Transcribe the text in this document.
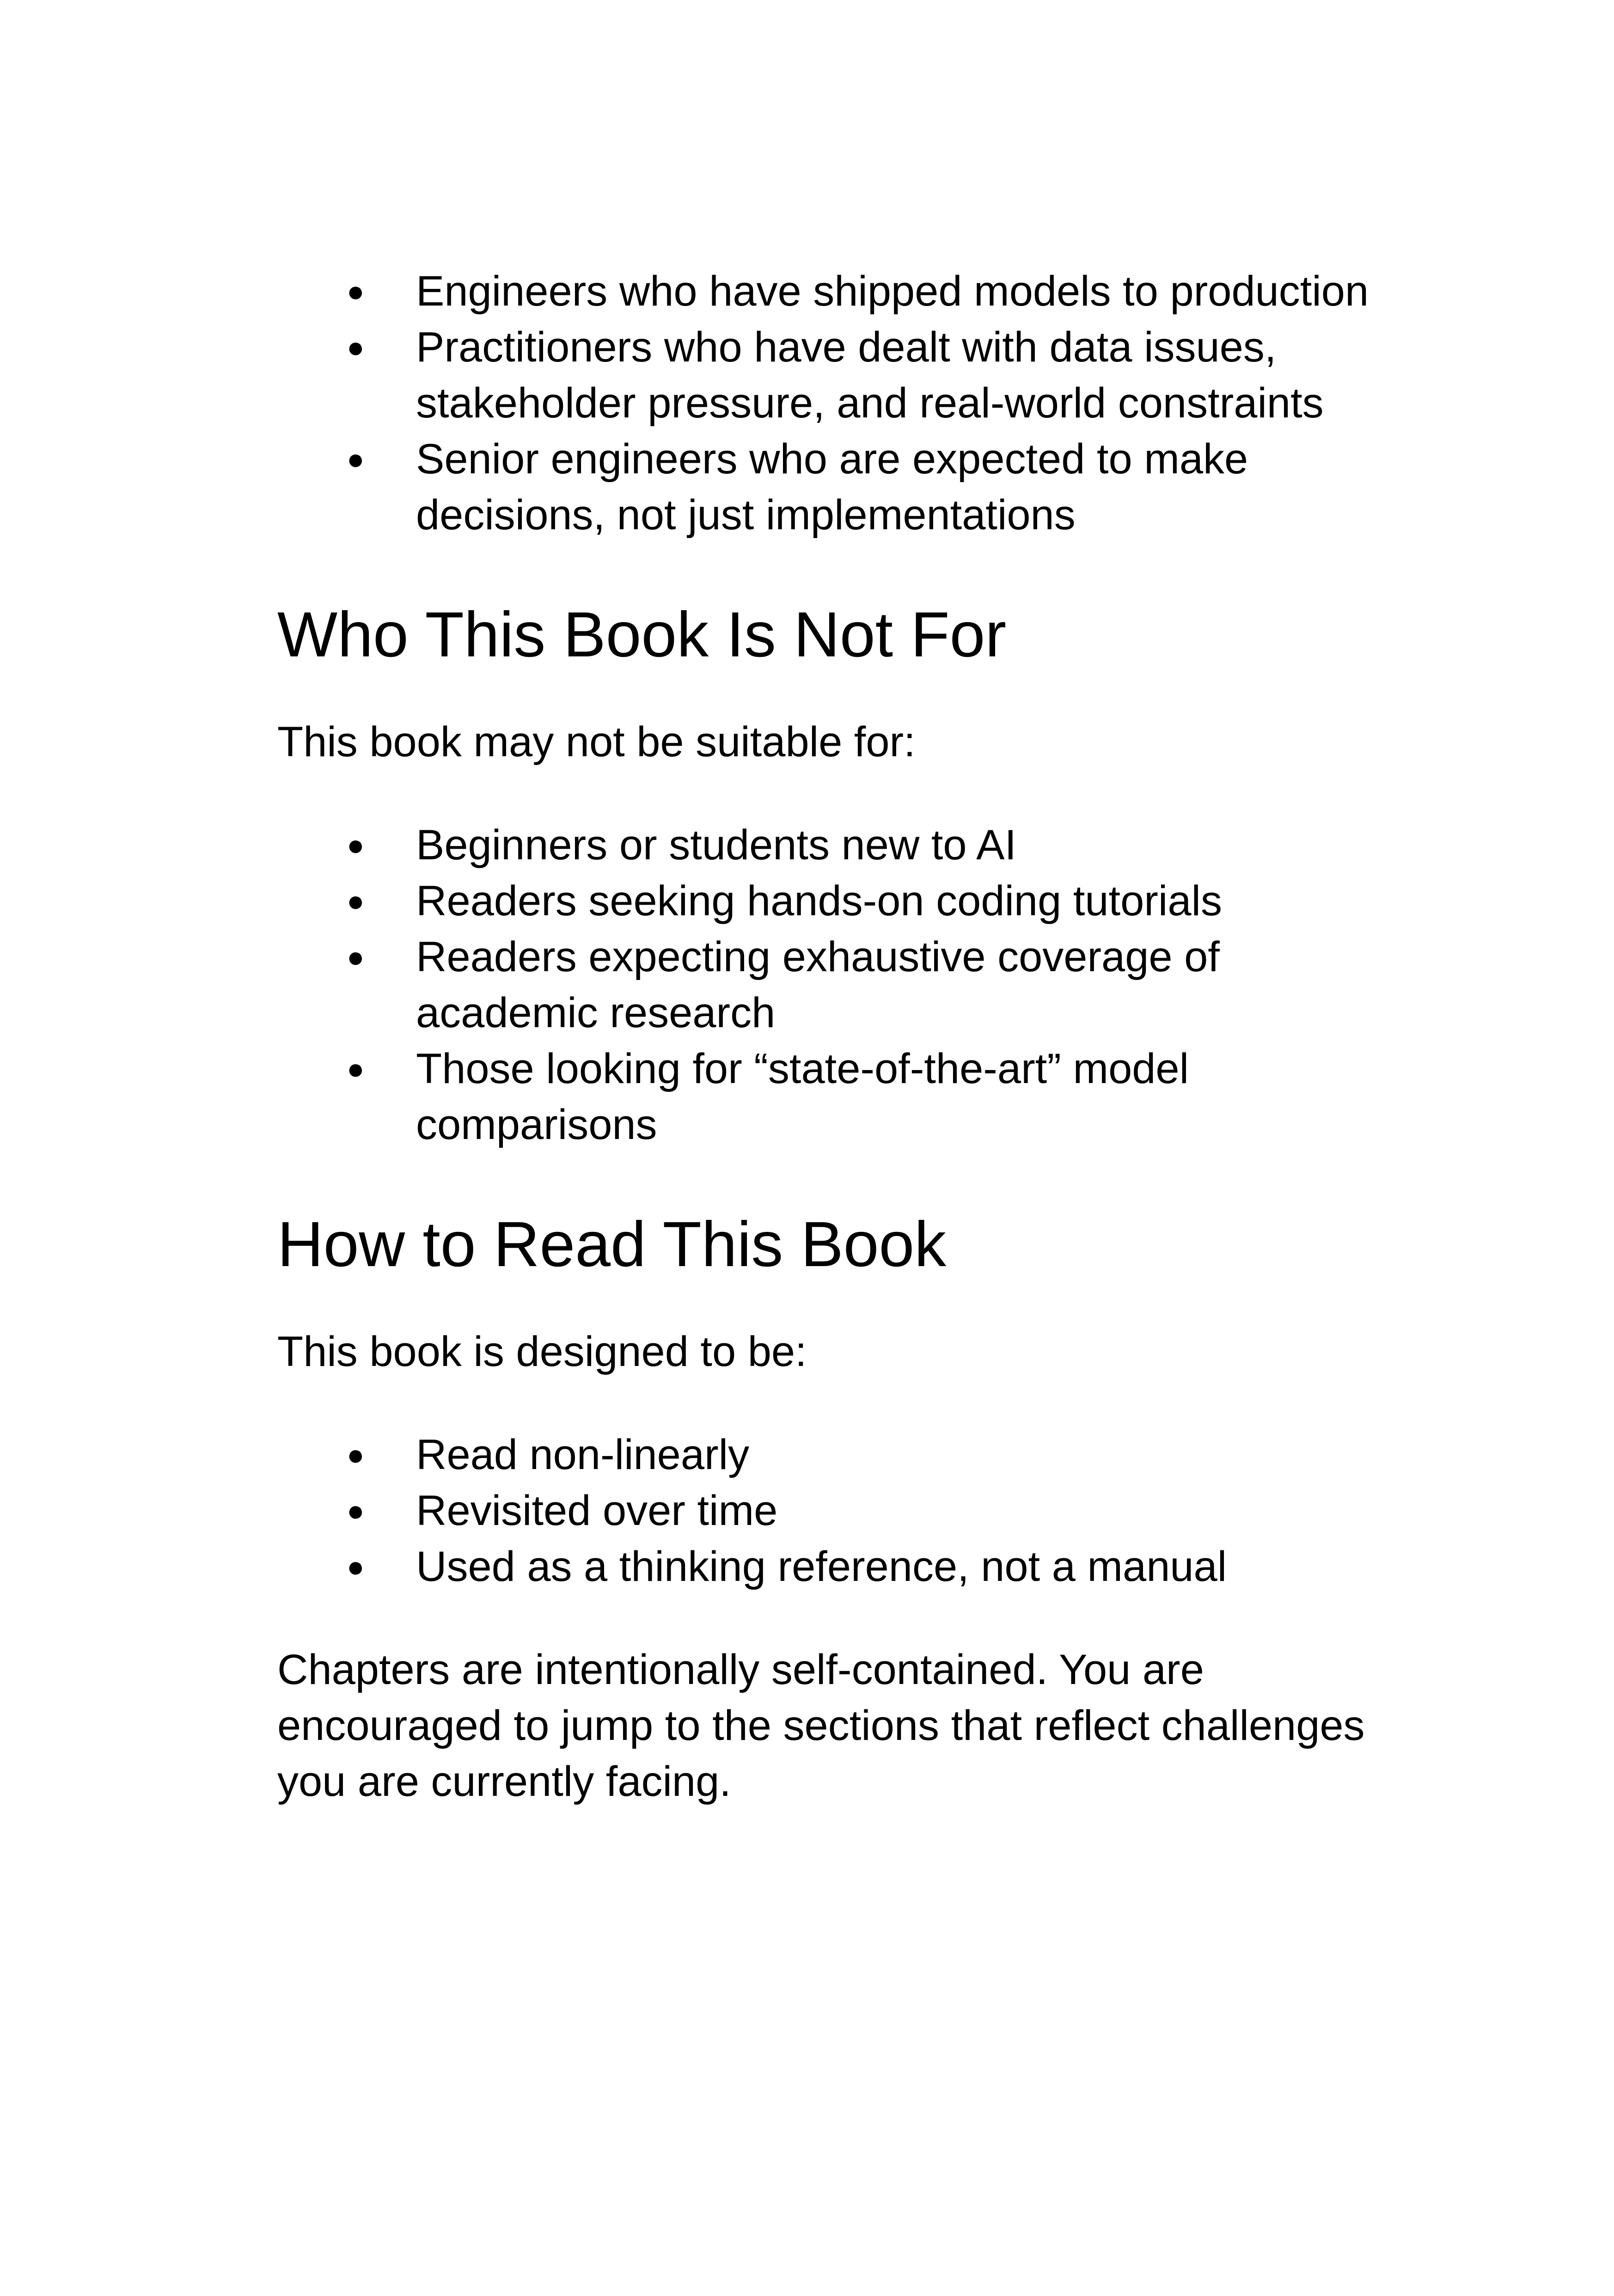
● Engineers who have shipped models to production
● Practitioners who have dealt with data issues, stakeholder pressure, and real-world constraints
● Senior engineers who are expected to make decisions, not just implementations
Who This Book Is Not For

This book may not be suitable for:

● Beginners or students new to AI
● Readers seeking hands-on coding tutorials
● Readers expecting exhaustive coverage of academic research
● Those looking for “state-of-the-art” model comparisons
How to Read This Book

This book is designed to be:

● Read non-linearly
● Revisited over time
● Used as a thinking reference, not a manual

Chapters are intentionally self-contained. You are encouraged to jump to the sections that reflect challenges you are currently facing.
